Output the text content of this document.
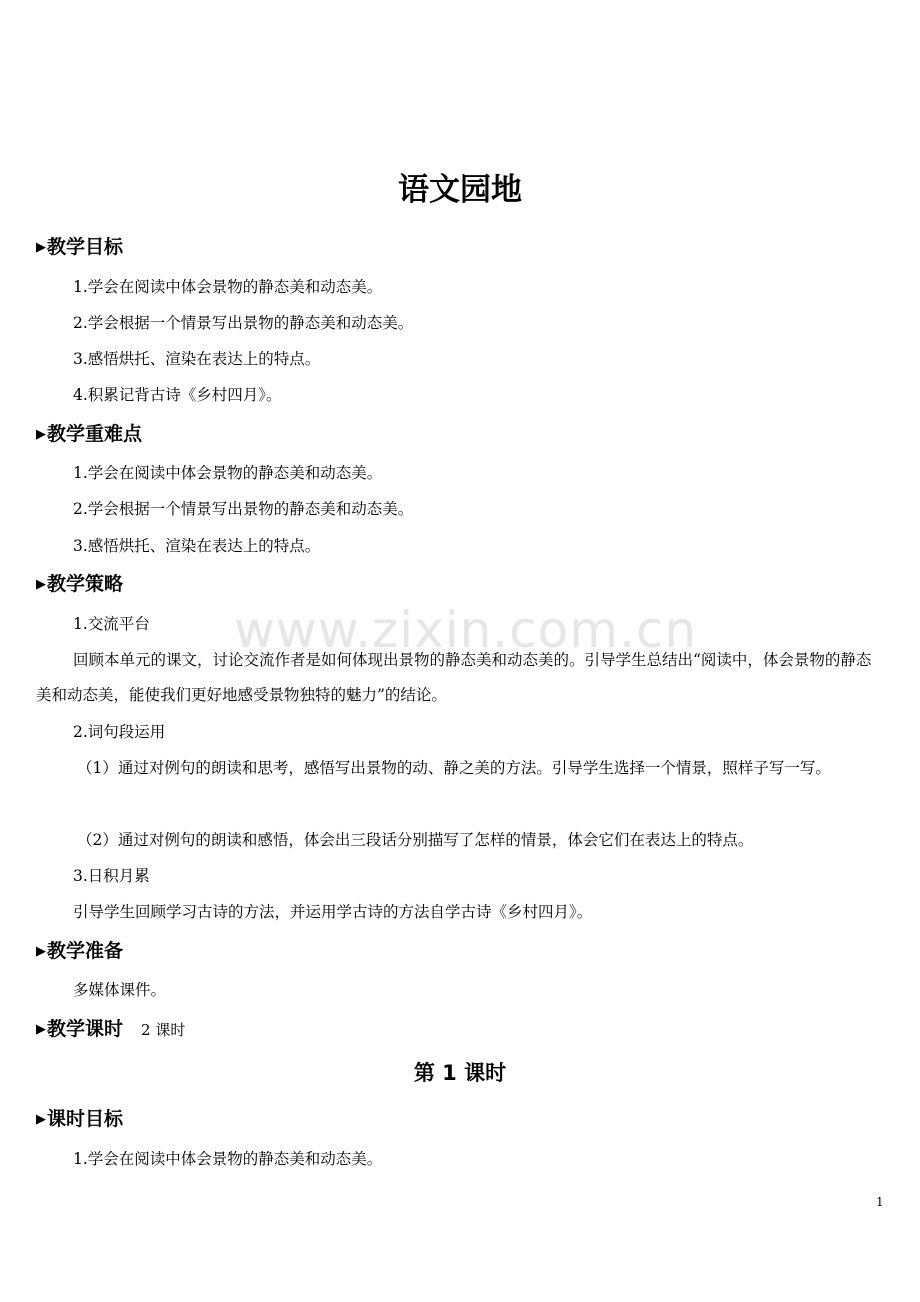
www.zixin.com.cn
语文园地
▶教学目标

1.学会在阅读中体会景物的静态美和动态美。

2.学会根据一个情景写出景物的静态美和动态美。

3.感悟烘托、渲染在表达上的特点。

4.积累记背古诗《乡村四月》。

▶教学重难点

1.学会在阅读中体会景物的静态美和动态美。

2.学会根据一个情景写出景物的静态美和动态美。

3.感悟烘托、渲染在表达上的特点。

▶教学策略

1.交流平台

回顾本单元的课文，讨论交流作者是如何体现出景物的静态美和动态美的。引导学生总结出“阅读中，体会景物的静态美和动态美，能使我们更好地感受景物独特的魅力”的结论。

2.词句段运用

（1）通过对例句的朗读和思考，感悟写出景物的动、静之美的方法。引导学生选择一个情景，照样子写一写。

（2）通过对例句的朗读和感悟，体会出三段话分别描写了怎样的情景，体会它们在表达上的特点。

3.日积月累

引导学生回顾学习古诗的方法，并运用学古诗的方法自学古诗《乡村四月》。

▶教学准备

多媒体课件。

▶教学课时 2 课时
第 1 课时
▶课时目标

1.学会在阅读中体会景物的静态美和动态美。

1
